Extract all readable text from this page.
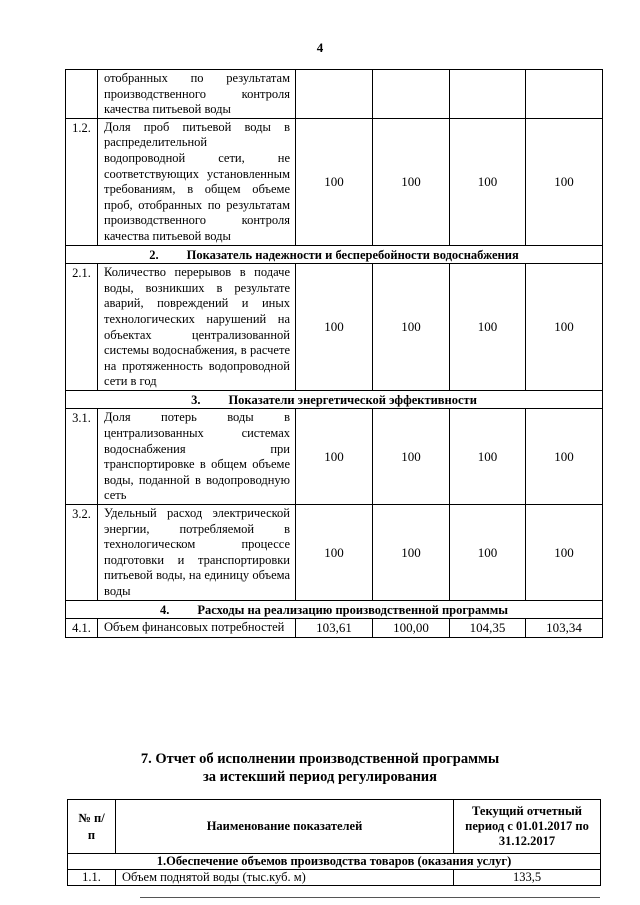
4
	отобранных по результатам производственного контроля качества питьевой воды				
1.2.	Доля проб питьевой воды в распределительной водопроводной сети, не соответствующих установленным требованиям, в общем объеме проб, отобранных по результатам производственного контроля качества питьевой воды	100	100	100	100
2. Показатель надежности и бесперебойности водоснабжения					
2.1.	Количество перерывов в подаче воды, возникших в результате аварий, повреждений и иных технологических нарушений на объектах централизованной системы водоснабжения, в расчете на протяженность водопроводной сети в год	100	100	100	100
3. Показатели энергетической эффективности					
3.1.	Доля потерь воды в централизованных системах водоснабжения при транспортировке в общем объеме воды, поданной в водопроводную сеть	100	100	100	100
3.2.	Удельный расход электрической энергии, потребляемой в технологическом процессе подготовки и транспортировки питьевой воды, на единицу объема воды	100	100	100	100
4. Расходы на реализацию производственной программы					
4.1.	Объем финансовых потребностей	103,61	100,00	104,35	103,34
7. Отчет об исполнении производственной программы
за истекший период регулирования
№ п/п	Наименование показателей	Текущий отчетный период с 01.01.2017 по 31.12.2017
1.Обеспечение объемов производства товаров (оказания услуг)		
1.1.	Объем поднятой воды (тыс.куб. м)	133,5
